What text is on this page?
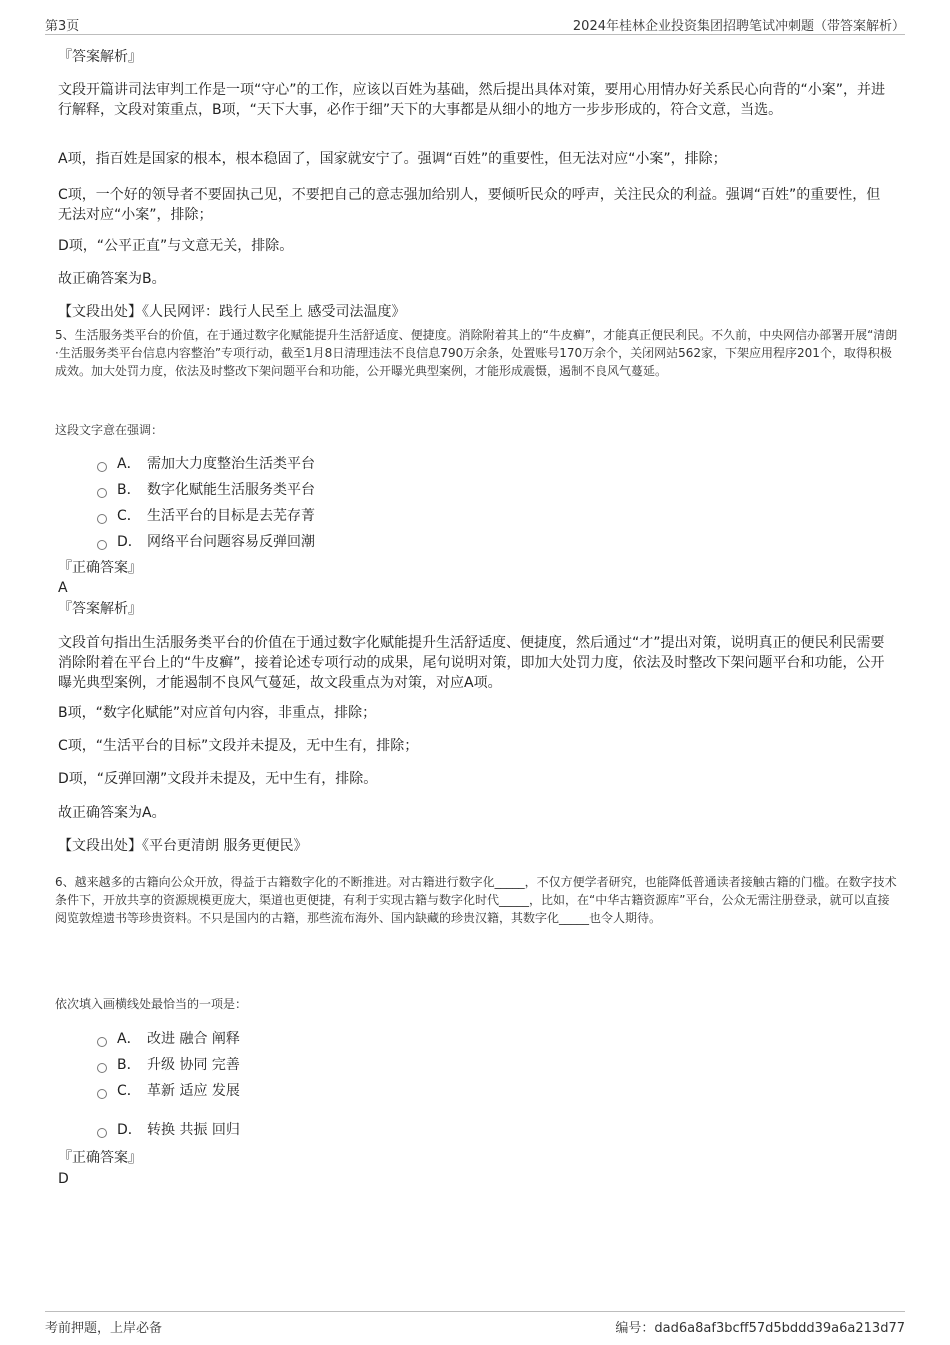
第3页	2024年桂林企业投资集团招聘笔试冲刺题（带答案解析）

『答案解析』

文段开篇讲司法审判工作是一项“守心”的工作，应该以百姓为基础，然后提出具体对策，要用心用情办好关系民心向背的“小案”，并进行解释，文段对策重点，B项，“天下大事，必作于细”天下的大事都是从细小的地方一步步形成的，符合文意，当选。

A项，指百姓是国家的根本，根本稳固了，国家就安宁了。强调“百姓”的重要性，但无法对应“小案”，排除；

C项，一个好的领导者不要固执己见，不要把自己的意志强加给别人，要倾听民众的呼声，关注民众的利益。强调“百姓”的重要性，但无法对应“小案”，排除；

D项，“公平正直”与文意无关，排除。

故正确答案为B。

【文段出处】《人民网评：践行人民至上 感受司法温度》

5、生活服务类平台的价值，在于通过数字化赋能提升生活舒适度、便捷度。消除附着其上的“牛皮癣”，才能真正便民利民。不久前，中央网信办部署开展“清朗·生活服务类平台信息内容整治”专项行动，截至1月8日清理违法不良信息790万余条，处置账号170万余个，关闭网站562家，下架应用程序201个，取得积极成效。加大处罚力度，依法及时整改下架问题平台和功能，公开曝光典型案例，才能形成震慑，遏制不良风气蔓延。

这段文字意在强调：

A． 需加大力度整治生活类平台
B． 数字化赋能生活服务类平台
C． 生活平台的目标是去芜存菁
D． 网络平台问题容易反弹回潮

『正确答案』

A

『答案解析』

文段首句指出生活服务类平台的价值在于通过数字化赋能提升生活舒适度、便捷度，然后通过“才”提出对策，说明真正的便民利民需要消除附着在平台上的“牛皮癣”，接着论述专项行动的成果，尾句说明对策，即加大处罚力度，依法及时整改下架问题平台和功能，公开曝光典型案例，才能遏制不良风气蔓延，故文段重点为对策，对应A项。

B项，“数字化赋能”对应首句内容，非重点，排除；

C项，“生活平台的目标”文段并未提及，无中生有，排除；

D项，“反弹回潮”文段并未提及，无中生有，排除。

故正确答案为A。

【文段出处】《平台更清朗 服务更便民》

6、越来越多的古籍向公众开放，得益于古籍数字化的不断推进。对古籍进行数字化_____，不仅方便学者研究，也能降低普通读者接触古籍的门槛。在数字技术条件下，开放共享的资源规模更庞大，渠道也更便捷，有利于实现古籍与数字化时代_____，比如，在“中华古籍资源库”平台，公众无需注册登录，就可以直接阅览敦煌遗书等珍贵资料。不只是国内的古籍，那些流布海外、国内缺藏的珍贵汉籍，其数字化_____也令人期待。

依次填入画横线处最恰当的一项是：

A． 改进 融合 阐释
B． 升级 协同 完善
C． 革新 适应 发展
D． 转换 共振 回归

『正确答案』

D

考前押题，上岸必备	编号：dad6a8af3bcff57d5bddd39a6a213d77
